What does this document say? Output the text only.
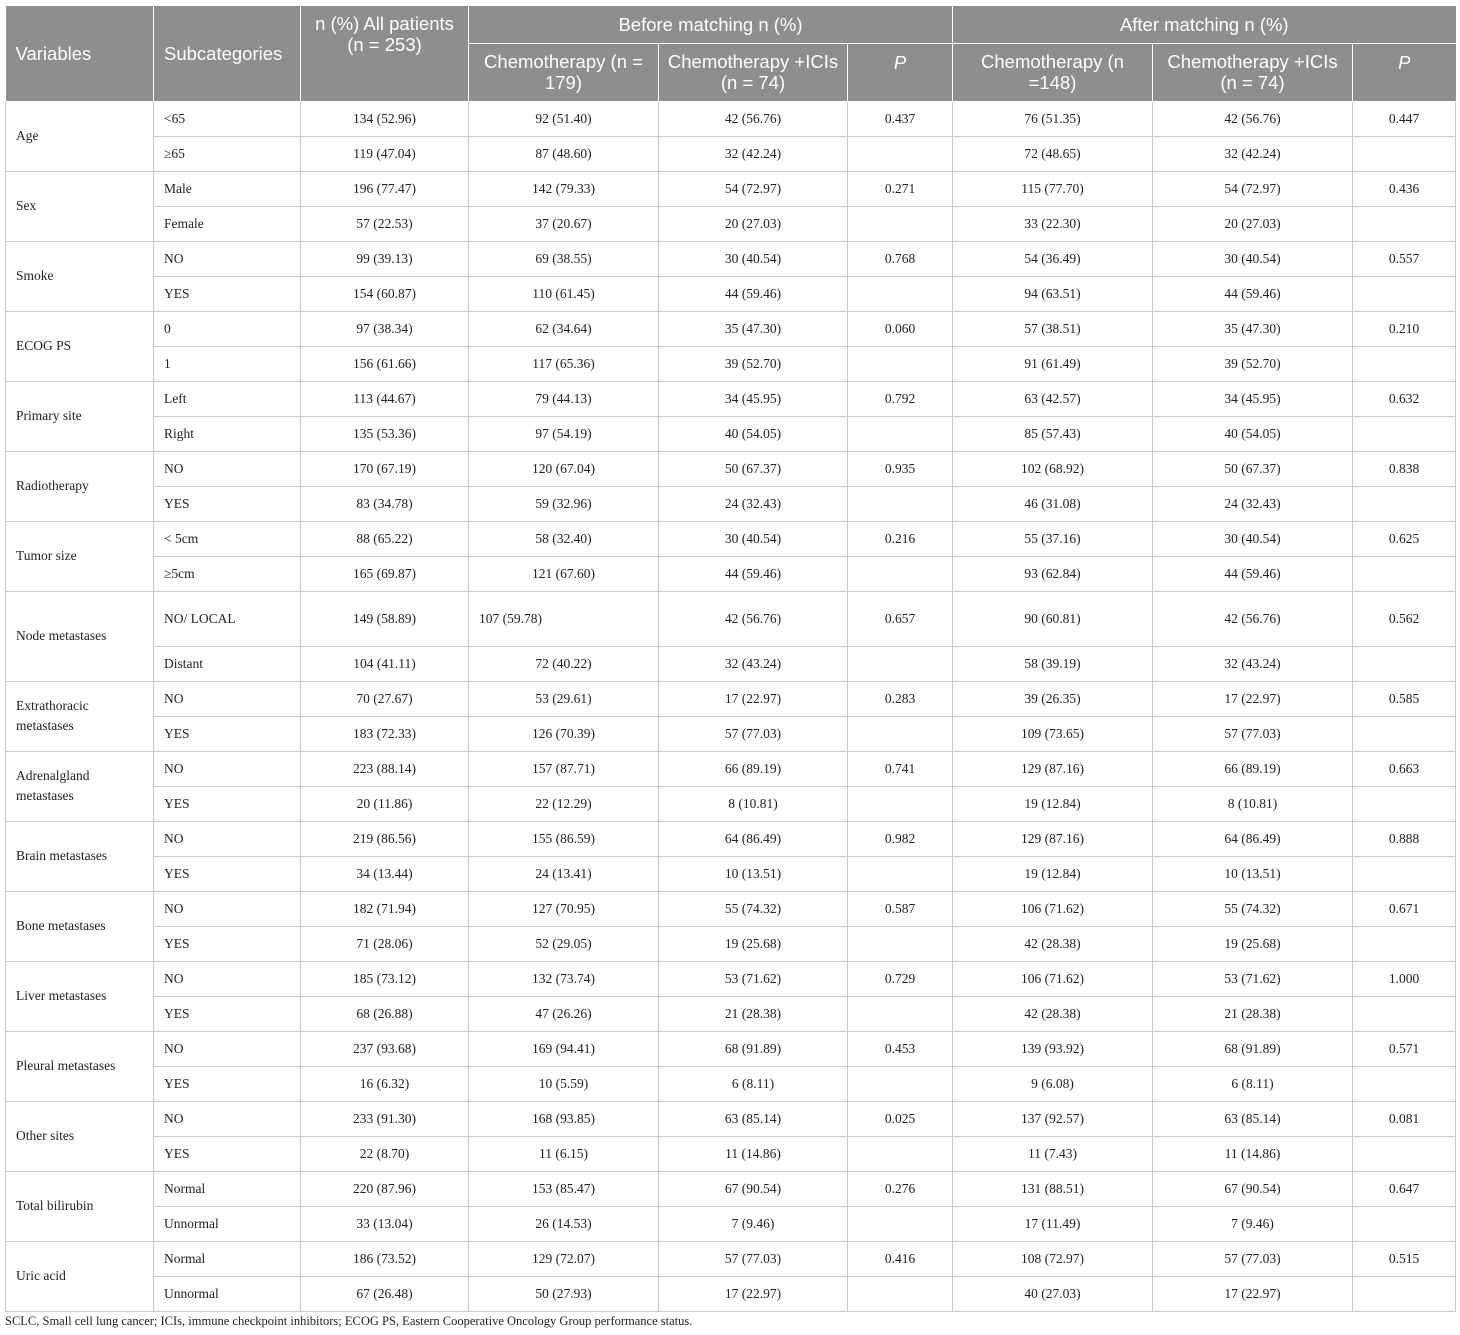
Variables	Subcategories	n (%) All patients (n = 253)	Before matching n (%)			After matching n (%)		
			Chemotherapy (n = 179)	Chemotherapy +ICIs (n = 74)	P	Chemotherapy (n =148)	Chemotherapy +ICIs (n = 74)	P
Age	<65	134 (52.96)	92 (51.40)	42 (56.76)	0.437	76 (51.35)	42 (56.76)	0.447
	≥65	119 (47.04)	87 (48.60)	32 (42.24)		72 (48.65)	32 (42.24)	
Sex	Male	196 (77.47)	142 (79.33)	54 (72.97)	0.271	115 (77.70)	54 (72.97)	0.436
	Female	57 (22.53)	37 (20.67)	20 (27.03)		33 (22.30)	20 (27.03)	
Smoke	NO	99 (39.13)	69 (38.55)	30 (40.54)	0.768	54 (36.49)	30 (40.54)	0.557
	YES	154 (60.87)	110 (61.45)	44 (59.46)		94 (63.51)	44 (59.46)	
ECOG PS	0	97 (38.34)	62 (34.64)	35 (47.30)	0.060	57 (38.51)	35 (47.30)	0.210
	1	156 (61.66)	117 (65.36)	39 (52.70)		91 (61.49)	39 (52.70)	
Primary site	Left	113 (44.67)	79 (44.13)	34 (45.95)	0.792	63 (42.57)	34 (45.95)	0.632
	Right	135 (53.36)	97 (54.19)	40 (54.05)		85 (57.43)	40 (54.05)	
Radiotherapy	NO	170 (67.19)	120 (67.04)	50 (67.37)	0.935	102 (68.92)	50 (67.37)	0.838
	YES	83 (34.78)	59 (32.96)	24 (32.43)		46 (31.08)	24 (32.43)	
Tumor size	< 5cm	88 (65.22)	58 (32.40)	30 (40.54)	0.216	55 (37.16)	30 (40.54)	0.625
	≥5cm	165 (69.87)	121 (67.60)	44 (59.46)		93 (62.84)	44 (59.46)	
Node metastases	NO/ LOCAL	149 (58.89)	107 (59.78)	42 (56.76)	0.657	90 (60.81)	42 (56.76)	0.562
	Distant	104 (41.11)	72 (40.22)	32 (43.24)		58 (39.19)	32 (43.24)	
Extrathoracic metastases	NO	70 (27.67)	53 (29.61)	17 (22.97)	0.283	39 (26.35)	17 (22.97)	0.585
	YES	183 (72.33)	126 (70.39)	57 (77.03)		109 (73.65)	57 (77.03)	
Adrenalgland metastases	NO	223 (88.14)	157 (87.71)	66 (89.19)	0.741	129 (87.16)	66 (89.19)	0.663
	YES	20 (11.86)	22 (12.29)	8 (10.81)		19 (12.84)	8 (10.81)	
Brain metastases	NO	219 (86.56)	155 (86.59)	64 (86.49)	0.982	129 (87.16)	64 (86.49)	0.888
	YES	34 (13.44)	24 (13.41)	10 (13.51)		19 (12.84)	10 (13.51)	
Bone metastases	NO	182 (71.94)	127 (70.95)	55 (74.32)	0.587	106 (71.62)	55 (74.32)	0.671
	YES	71 (28.06)	52 (29.05)	19 (25.68)		42 (28.38)	19 (25.68)	
Liver metastases	NO	185 (73.12)	132 (73.74)	53 (71.62)	0.729	106 (71.62)	53 (71.62)	1.000
	YES	68 (26.88)	47 (26.26)	21 (28.38)		42 (28.38)	21 (28.38)	
Pleural metastases	NO	237 (93.68)	169 (94.41)	68 (91.89)	0.453	139 (93.92)	68 (91.89)	0.571
	YES	16 (6.32)	10 (5.59)	6 (8.11)		9 (6.08)	6 (8.11)	
Other sites	NO	233 (91.30)	168 (93.85)	63 (85.14)	0.025	137 (92.57)	63 (85.14)	0.081
	YES	22 (8.70)	11 (6.15)	11 (14.86)		11 (7.43)	11 (14.86)	
Total bilirubin	Normal	220 (87.96)	153 (85.47)	67 (90.54)	0.276	131 (88.51)	67 (90.54)	0.647
	Unnormal	33 (13.04)	26 (14.53)	7 (9.46)		17 (11.49)	7 (9.46)	
Uric acid	Normal	186 (73.52)	129 (72.07)	57 (77.03)	0.416	108 (72.97)	57 (77.03)	0.515
	Unnormal	67 (26.48)	50 (27.93)	17 (22.97)		40 (27.03)	17 (22.97)	
SCLC, Small cell lung cancer; ICIs, immune checkpoint inhibitors; ECOG PS, Eastern Cooperative Oncology Group performance status.
